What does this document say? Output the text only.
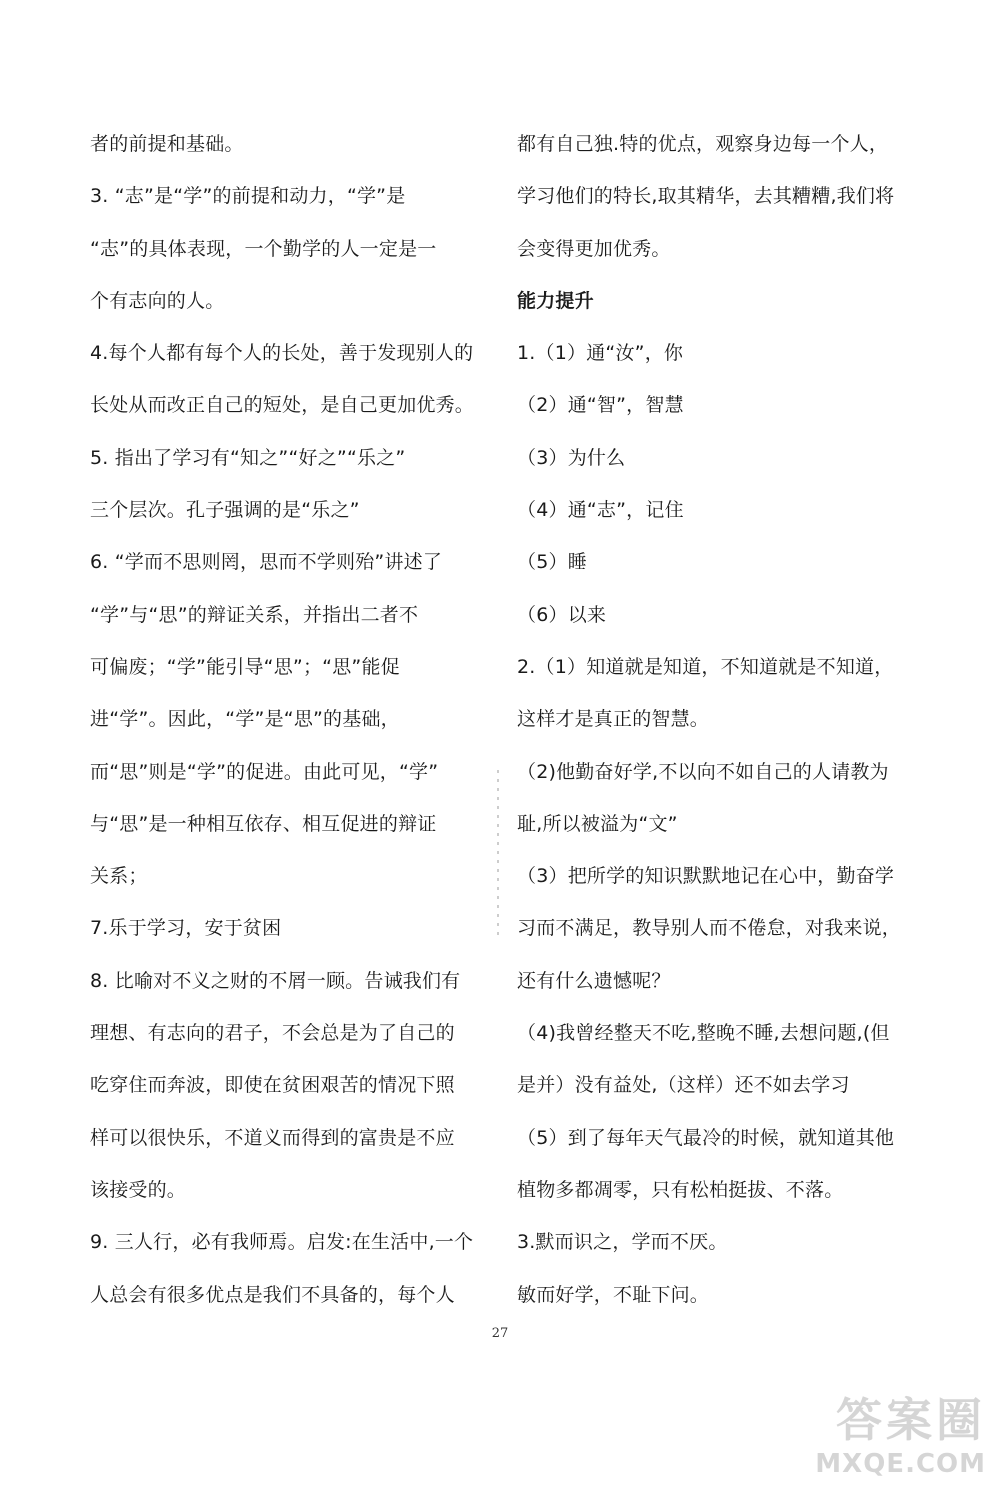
者的前提和基础。
3. “志”是“学”的前提和动力，“学”是
“志”的具体表现，一个勤学的人一定是一
个有志向的人。
4.每个人都有每个人的长处，善于发现别人的
长处从而改正自己的短处，是自己更加优秀。
5. 指出了学习有“知之”“好之”“乐之”
三个层次。孔子强调的是“乐之”
6. “学而不思则罔，思而不学则殆”讲述了
“学”与“思”的辩证关系，并指出二者不
可偏废；“学”能引导“思”；“思”能促
进“学”。因此，“学”是“思”的基础，
而“思”则是“学”的促进。由此可见，“学”
与“思”是一种相互依存、相互促进的辩证
关系；
7.乐于学习，安于贫困
8. 比喻对不义之财的不屑一顾。告诫我们有
理想、有志向的君子，不会总是为了自己的
吃穿住而奔波，即使在贫困艰苦的情况下照
样可以很快乐，不道义而得到的富贵是不应
该接受的。
9. 三人行，必有我师焉。启发:在生活中,一个
人总会有很多优点是我们不具备的，每个人
都有自己独.特的优点，观察身边每一个人，
学习他们的特长,取其精华，去其糟糟,我们将
会变得更加优秀。
能力提升
1.（1）通“汝”，你
（2）通“智”，智慧
（3）为什么
（4）通“志”，记住
（5）睡
（6）以来
2.（1）知道就是知道，不知道就是不知道，
这样才是真正的智慧。
（2)他勤奋好学,不以向不如自己的人请教为
耻,所以被溢为“文”
（3）把所学的知识默默地记在心中，勤奋学
习而不满足，教导别人而不倦怠，对我来说，
还有什么遗憾呢？
（4)我曾经整天不吃,整晚不睡,去想问题,(但
是并）没有益处,（这样）还不如去学习
（5）到了每年天气最冷的时候，就知道其他
植物多都凋零，只有松柏挺拔、不落。
3.默而识之，学而不厌。
敏而好学，不耻下问。
27
答案圈
MXQE.COM
